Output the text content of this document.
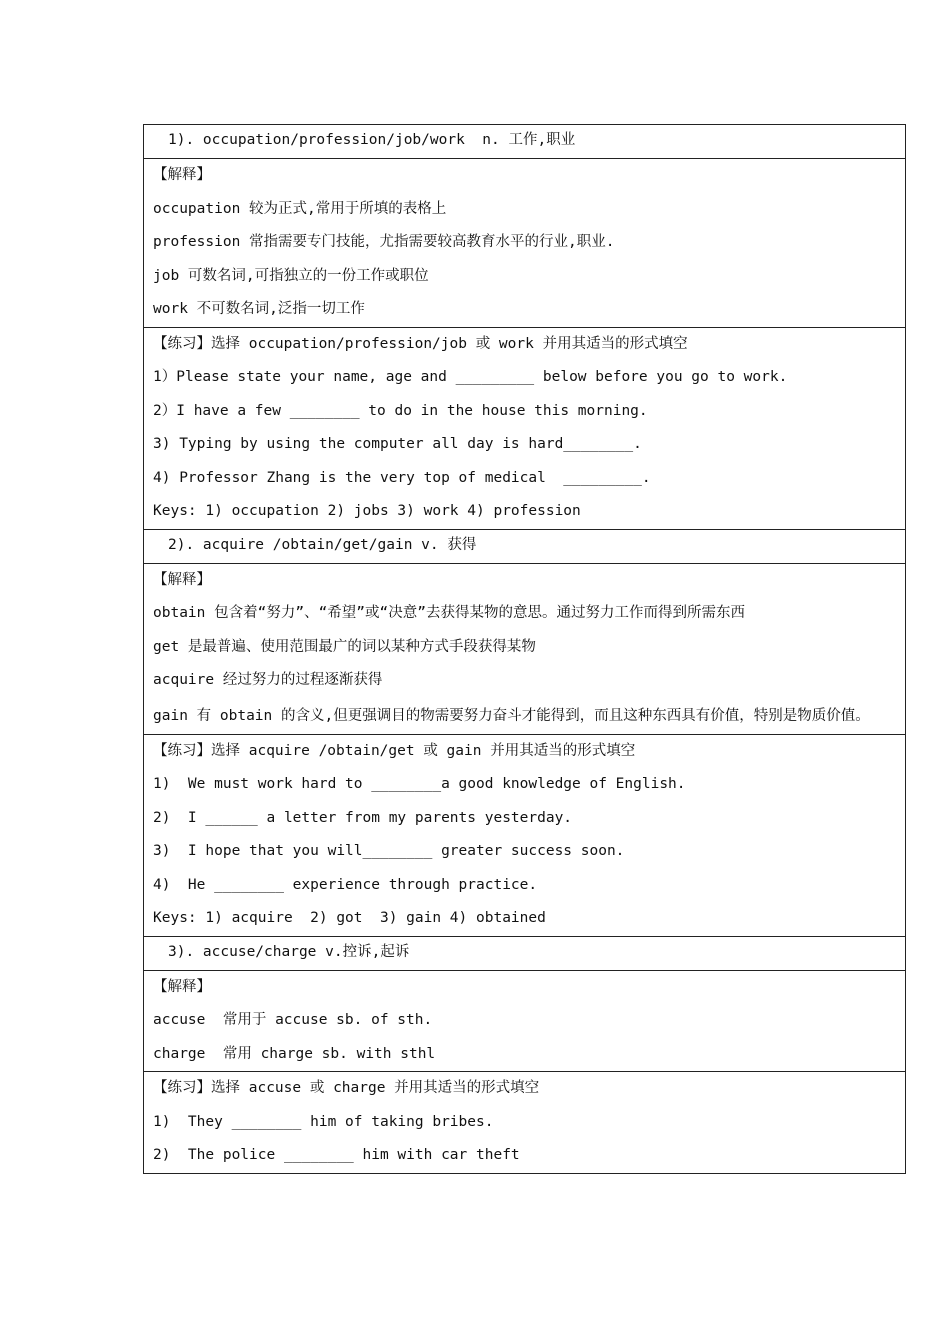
1). occupation/profession/job/work  n. 工作,职业
【解释】
occupation 较为正式,常用于所填的表格上
profession 常指需要专门技能，尤指需要较高教育水平的行业,职业.
job 可数名词,可指独立的一份工作或职位
work 不可数名词,泛指一切工作
【练习】选择 occupation/profession/job 或 work 并用其适当的形式填空
1）Please state your name, age and _________ below before you go to work.
2）I have a few ________ to do in the house this morning.
3) Typing by using the computer all day is hard________.
4) Professor Zhang is the very top of medical  _________.
Keys: 1) occupation 2) jobs 3) work 4) profession
2). acquire /obtain/get/gain v. 获得
【解释】
obtain 包含着“努力”、“希望”或“决意”去获得某物的意思。通过努力工作而得到所需东西
get 是最普遍、使用范围最广的词以某种方式手段获得某物
acquire 经过努力的过程逐渐获得
gain 有 obtain 的含义,但更强调目的物需要努力奋斗才能得到，而且这种东西具有价值，特别是物质价值。
【练习】选择 acquire /obtain/get 或 gain 并用其适当的形式填空
1)  We must work hard to ________a good knowledge of English.
2)  I ______ a letter from my parents yesterday.
3)  I hope that you will________ greater success soon.
4)  He ________ experience through practice.
Keys: 1) acquire  2) got  3) gain 4) obtained
3). accuse/charge v.控诉,起诉
【解释】
accuse  常用于 accuse sb. of sth.
charge  常用 charge sb. with sthl
【练习】选择 accuse 或 charge 并用其适当的形式填空
1)  They ________ him of taking bribes.
2)  The police ________ him with car theft
